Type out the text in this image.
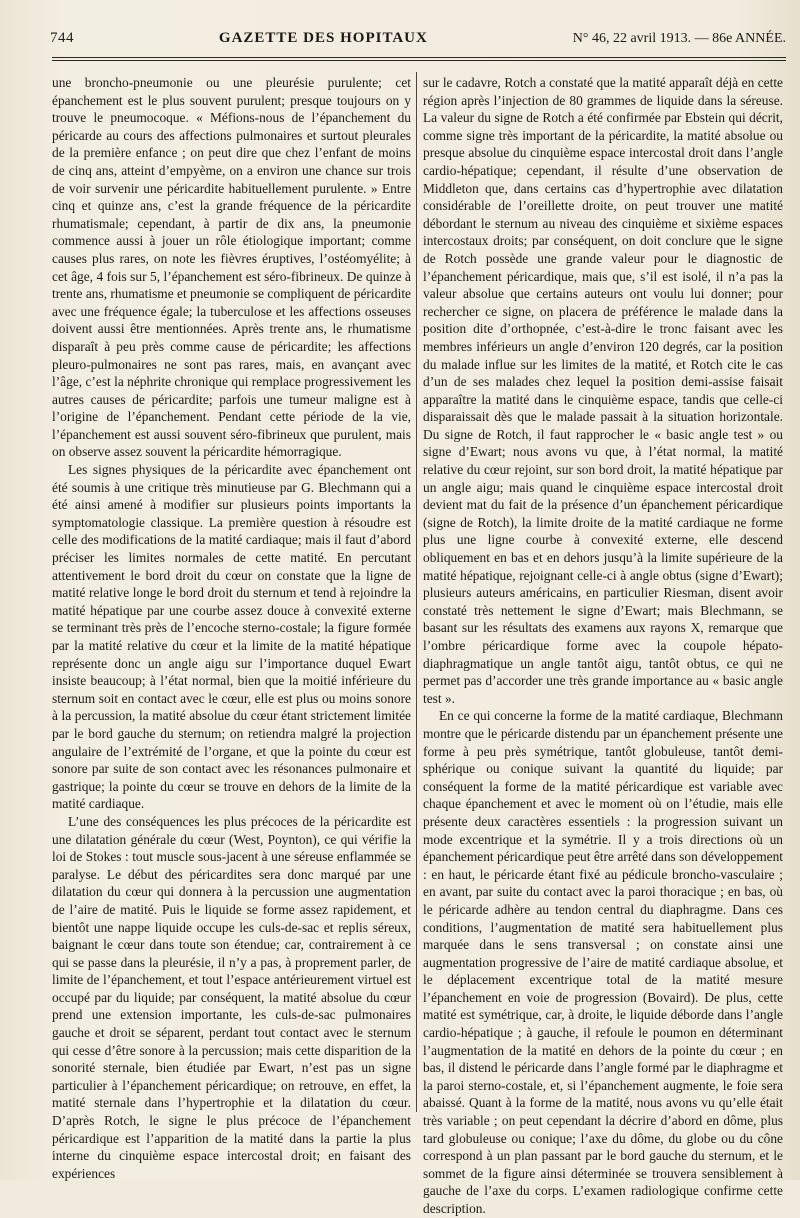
744	GAZETTE DES HOPITAUX	N° 46, 22 avril 1913. — 86e ANNÉE.

une broncho-pneumonie ou une pleurésie purulente; cet épanchement est le plus souvent purulent; presque toujours on y trouve le pneumocoque. « Méfions-nous de l’épanchement du péricarde au cours des affections pulmonaires et surtout pleurales de la première enfance ; on peut dire que chez l’enfant de moins de cinq ans, atteint d’empyème, on a environ une chance sur trois de voir survenir une péricardite habituellement purulente. » Entre cinq et quinze ans, c’est la grande fréquence de la péricardite rhumatismale; cependant, à partir de dix ans, la pneumonie commence aussi à jouer un rôle étiologique important; comme causes plus rares, on note les fièvres éruptives, l’ostéomyélite; à cet âge, 4 fois sur 5, l’épanchement est séro-fibrineux. De quinze à trente ans, rhumatisme et pneumonie se compliquent de péricardite avec une fréquence égale; la tuberculose et les affections osseuses doivent aussi être mentionnées. Après trente ans, le rhumatisme disparaît à peu près comme cause de péricardite; les affections pleuro-pulmonaires ne sont pas rares, mais, en avançant avec l’âge, c’est la néphrite chronique qui remplace progressivement les autres causes de péricardite; parfois une tumeur maligne est à l’origine de l’épanchement. Pendant cette période de la vie, l’épanchement est aussi souvent séro-fibrineux que purulent, mais on observe assez souvent la péricardite hémorragique.

Les signes physiques de la péricardite avec épanchement ont été soumis à une critique très minutieuse par G. Blechmann qui a été ainsi amené à modifier sur plusieurs points importants la symptomatologie classique. La première question à résoudre est celle des modifications de la matité cardiaque; mais il faut d’abord préciser les limites normales de cette matité. En percutant attentivement le bord droit du cœur on constate que la ligne de matité relative longe le bord droit du sternum et tend à rejoindre la matité hépatique par une courbe assez douce à convexité externe se terminant très près de l’encoche sterno-costale; la figure formée par la matité relative du cœur et la limite de la matité hépatique représente donc un angle aigu sur l’importance duquel Ewart insiste beaucoup; à l’état normal, bien que la moitié inférieure du sternum soit en contact avec le cœur, elle est plus ou moins sonore à la percussion, la matité absolue du cœur étant strictement limitée par le bord gauche du sternum; on retiendra malgré la projection angulaire de l’extrémité de l’organe, et que la pointe du cœur est sonore par suite de son contact avec les résonances pulmonaire et gastrique; la pointe du cœur se trouve en dehors de la limite de la matité cardiaque.

L’une des conséquences les plus précoces de la péricardite est une dilatation générale du cœur (West, Poynton), ce qui vérifie la loi de Stokes : tout muscle sous-jacent à une séreuse enflammée se paralyse. Le début des péricardites sera donc marqué par une dilatation du cœur qui donnera à la percussion une augmentation de l’aire de matité. Puis le liquide se forme assez rapidement, et bientôt une nappe liquide occupe les culs-de-sac et replis séreux, baignant le cœur dans toute son étendue; car, contrairement à ce qui se passe dans la pleurésie, il n’y a pas, à proprement parler, de limite de l’épanchement, et tout l’espace antérieurement virtuel est occupé par du liquide; par conséquent, la matité absolue du cœur prend une extension importante, les culs-de-sac pulmonaires gauche et droit se séparent, perdant tout contact avec le sternum qui cesse d’être sonore à la percussion; mais cette disparition de la sonorité sternale, bien étudiée par Ewart, n’est pas un signe particulier à l’épanchement péricardique; on retrouve, en effet, la matité sternale dans l’hypertrophie et la dilatation du cœur. D’après Rotch, le signe le plus précoce de l’épanchement péricardique est l’apparition de la matité dans la partie la plus interne du cinquième espace intercostal droit; en faisant des expériences

sur le cadavre, Rotch a constaté que la matité apparaît déjà en cette région après l’injection de 80 grammes de liquide dans la séreuse. La valeur du signe de Rotch a été confirmée par Ebstein qui décrit, comme signe très important de la péricardite, la matité absolue ou presque absolue du cinquième espace intercostal droit dans l’angle cardio-hépatique; cependant, il résulte d’une observation de Middleton que, dans certains cas d’hypertrophie avec dilatation considérable de l’oreillette droite, on peut trouver une matité débordant le sternum au niveau des cinquième et sixième espaces intercostaux droits; par conséquent, on doit conclure que le signe de Rotch possède une grande valeur pour le diagnostic de l’épanchement péricardique, mais que, s’il est isolé, il n’a pas la valeur absolue que certains auteurs ont voulu lui donner; pour rechercher ce signe, on placera de préférence le malade dans la position dite d’orthopnée, c’est-à-dire le tronc faisant avec les membres inférieurs un angle d’environ 120 degrés, car la position du malade influe sur les limites de la matité, et Rotch cite le cas d’un de ses malades chez lequel la position demi-assise faisait apparaître la matité dans le cinquième espace, tandis que celle-ci disparaissait dès que le malade passait à la situation horizontale. Du signe de Rotch, il faut rapprocher le « basic angle test » ou signe d’Ewart; nous avons vu que, à l’état normal, la matité relative du cœur rejoint, sur son bord droit, la matité hépatique par un angle aigu; mais quand le cinquième espace intercostal droit devient mat du fait de la présence d’un épanchement péricardique (signe de Rotch), la limite droite de la matité cardiaque ne forme plus une ligne courbe à convexité externe, elle descend obliquement en bas et en dehors jusqu’à la limite supérieure de la matité hépatique, rejoignant celle-ci à angle obtus (signe d’Ewart); plusieurs auteurs américains, en particulier Riesman, disent avoir constaté très nettement le signe d’Ewart; mais Blechmann, se basant sur les résultats des examens aux rayons X, remarque que l’ombre péricardique forme avec la coupole hépato-diaphragmatique un angle tantôt aigu, tantôt obtus, ce qui ne permet pas d’accorder une très grande importance au « basic angle test ».

En ce qui concerne la forme de la matité cardiaque, Blechmann montre que le péricarde distendu par un épanchement présente une forme à peu près symétrique, tantôt globuleuse, tantôt demi-sphérique ou conique suivant la quantité du liquide; par conséquent la forme de la matité péricardique est variable avec chaque épanchement et avec le moment où on l’étudie, mais elle présente deux caractères essentiels : la progression suivant un mode excentrique et la symétrie. Il y a trois directions où un épanchement péricardique peut être arrêté dans son développement : en haut, le péricarde étant fixé au pédicule broncho-vasculaire ; en avant, par suite du contact avec la paroi thoracique ; en bas, où le péricarde adhère au tendon central du diaphragme. Dans ces conditions, l’augmentation de matité sera habituellement plus marquée dans le sens transversal ; on constate ainsi une augmentation progressive de l’aire de matité cardiaque absolue, et le déplacement excentrique total de la matité mesure l’épanchement en voie de progression (Bovaird). De plus, cette matité est symétrique, car, à droite, le liquide déborde dans l’angle cardio-hépatique ; à gauche, il refoule le poumon en déterminant l’augmentation de la matité en dehors de la pointe du cœur ; en bas, il distend le péricarde dans l’angle formé par le diaphragme et la paroi sterno-costale, et, si l’épanchement augmente, le foie sera abaissé. Quant à la forme de la matité, nous avons vu qu’elle était très variable ; on peut cependant la décrire d’abord en dôme, plus tard globuleuse ou conique; l’axe du dôme, du globe ou du cône correspond à un plan passant par le bord gauche du sternum, et le sommet de la figure ainsi déterminée se trouvera sensiblement à gauche de l’axe du corps. L’examen radiologique confirme cette description.
